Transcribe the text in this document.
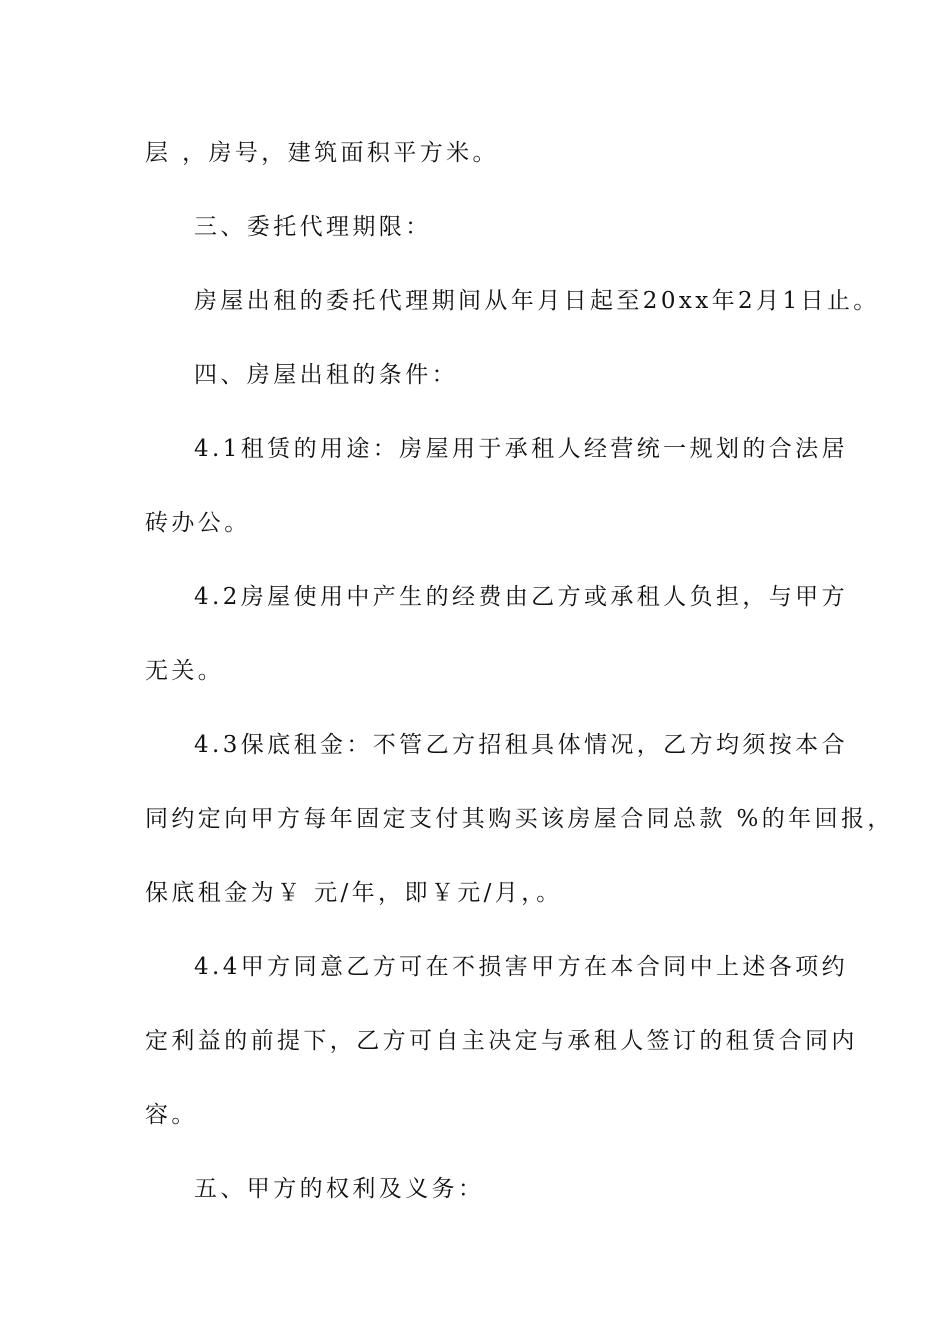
层 ，房号，建筑面积平方米。
三、委托代理期限：
房屋出租的委托代理期间从年月日起至20xx年2月1日止。
四、房屋出租的条件：
4.1租赁的用途：房屋用于承租人经营统一规划的合法居
砖办公。
4.2房屋使用中产生的经费由乙方或承租人负担，与甲方
无关。
4.3保底租金：不管乙方招租具体情况，乙方均须按本合
同约定向甲方每年固定支付其购买该房屋合同总款 %的年回报，
保底租金为￥ 元/年，即￥元/月，。
4.4甲方同意乙方可在不损害甲方在本合同中上述各项约
定利益的前提下，乙方可自主决定与承租人签订的租赁合同内
容。
五、甲方的权利及义务：
